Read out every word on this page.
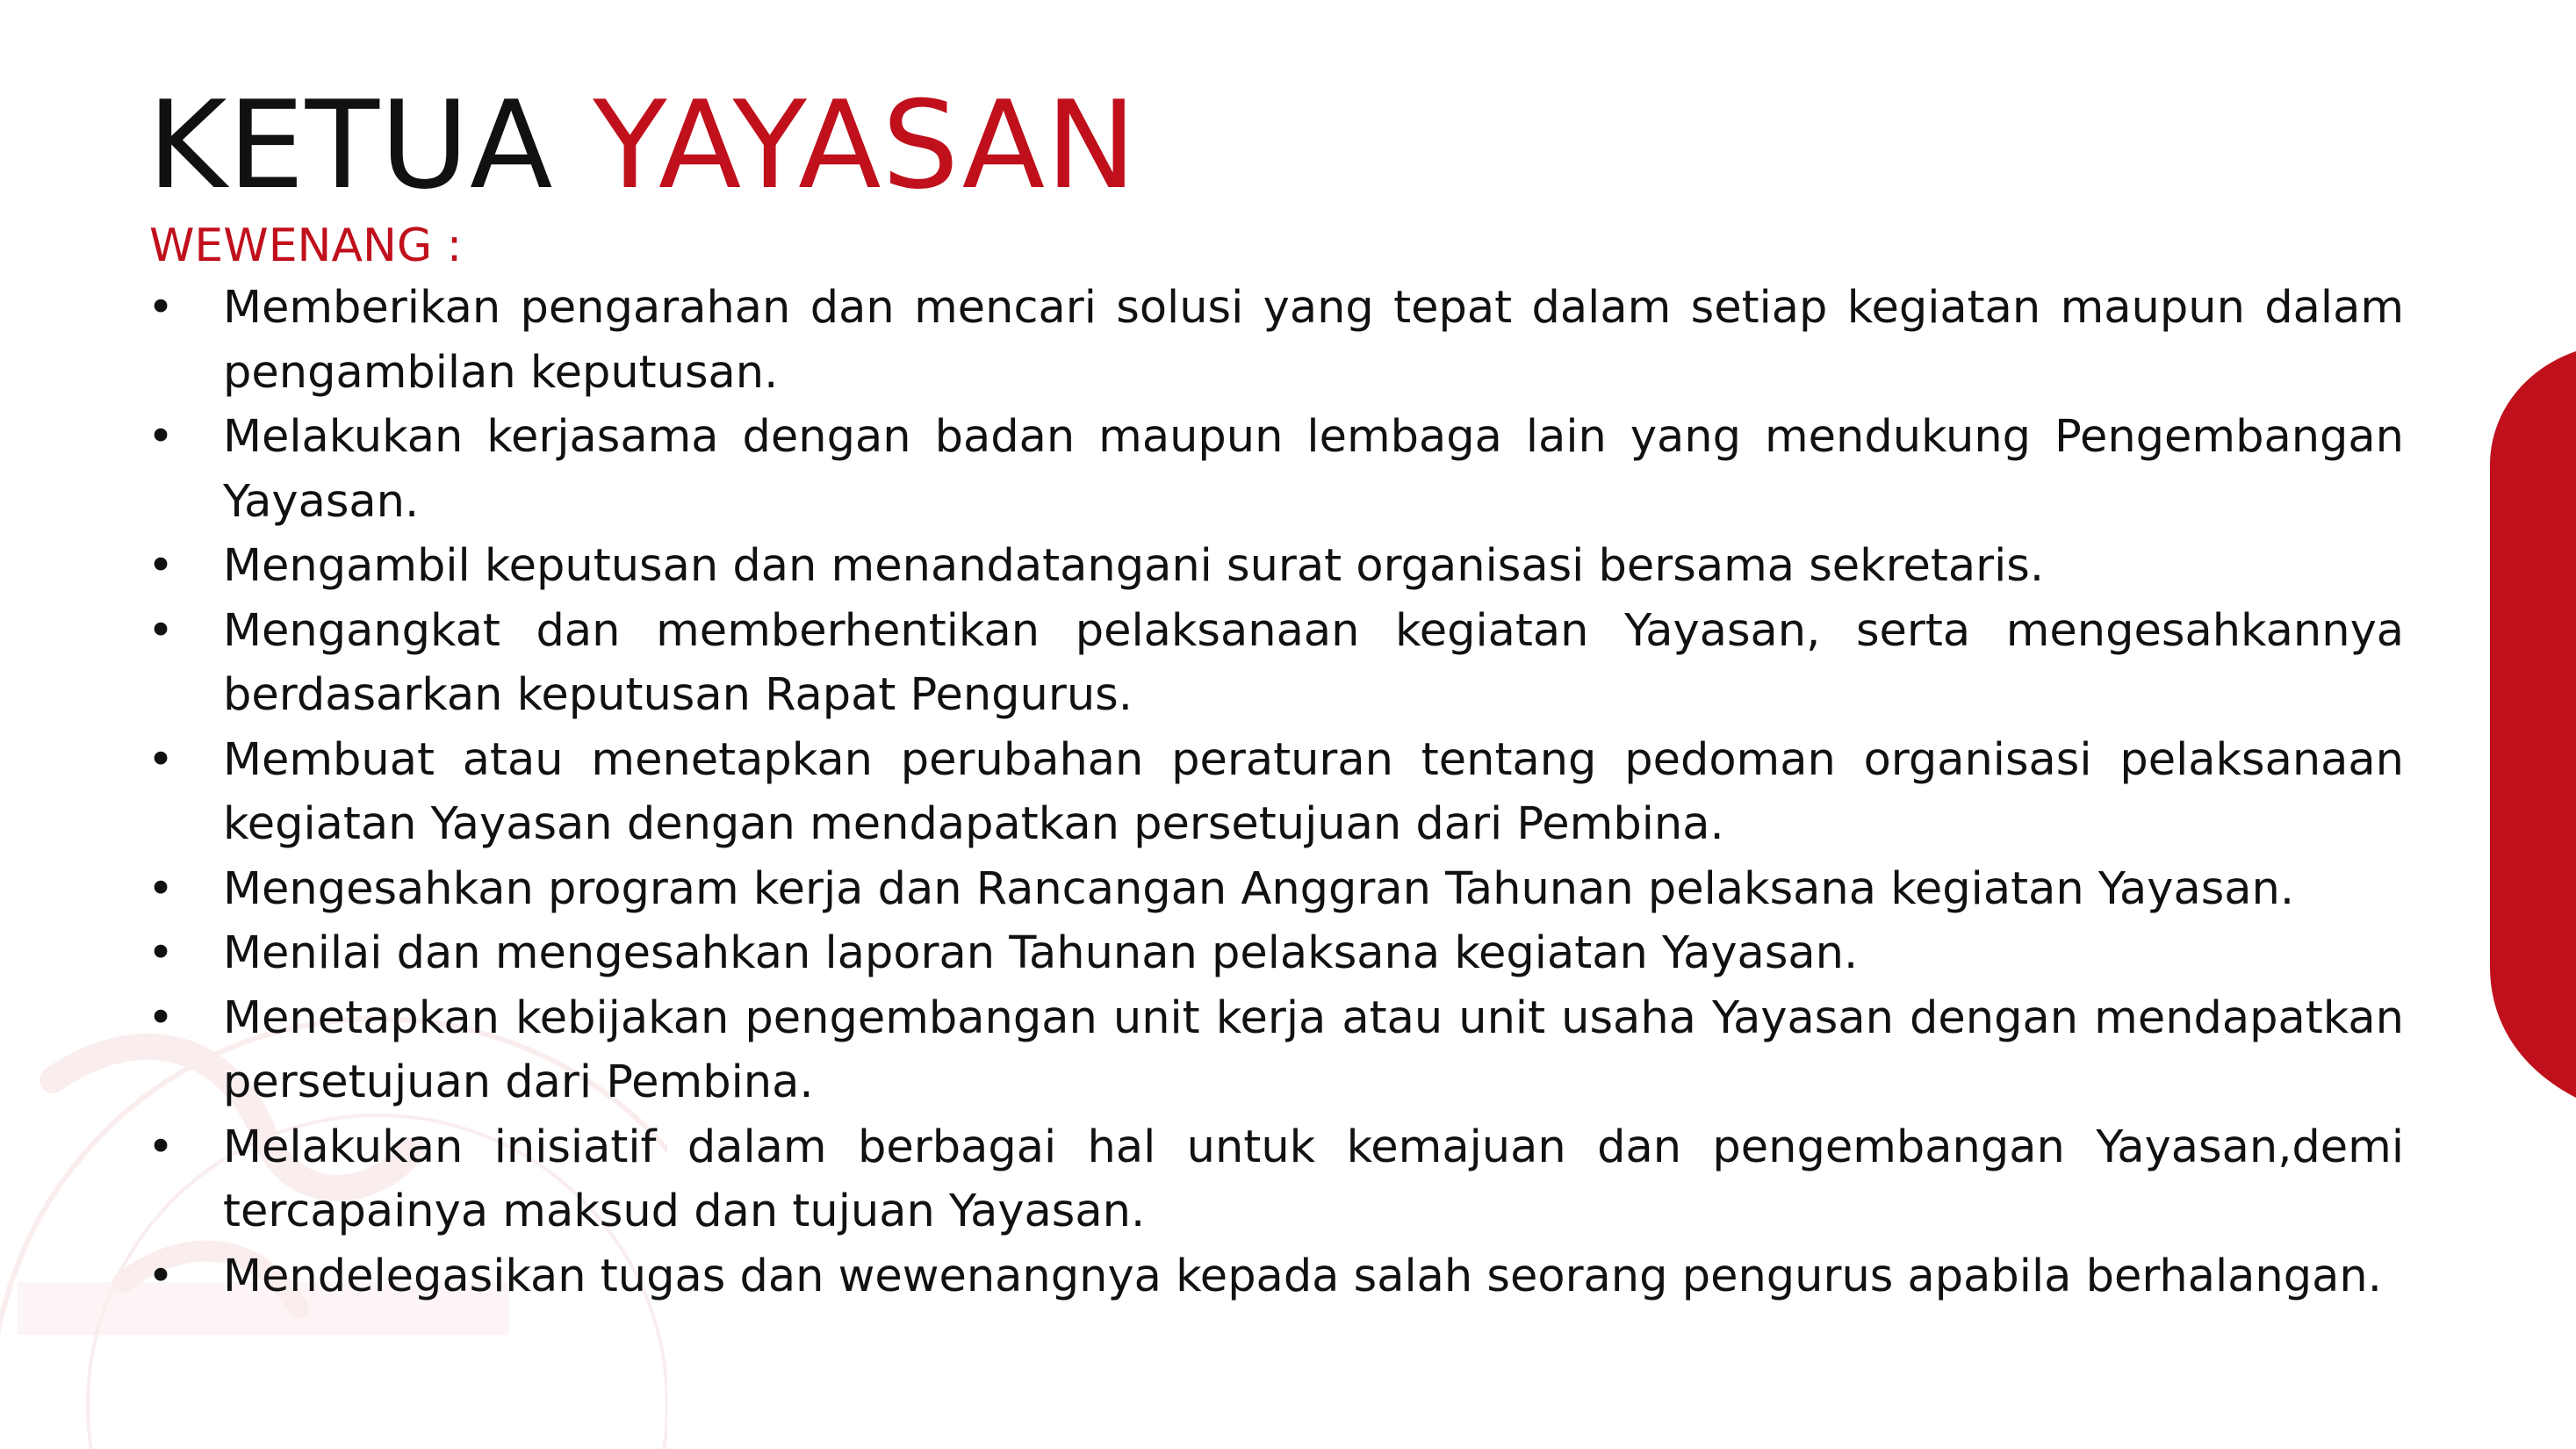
KETUA YAYASAN
WEWENANG :
• Memberikan pengarahan dan mencari solusi yang tepat dalam setiap kegiatan maupun dalam pengambilan keputusan.
• Melakukan kerjasama dengan badan maupun lembaga lain yang mendukung Pengembangan Yayasan.
• Mengambil keputusan dan menandatangani surat organisasi bersama sekretaris.
• Mengangkat dan memberhentikan pelaksanaan kegiatan Yayasan, serta mengesahkannya berdasarkan keputusan Rapat Pengurus.
• Membuat atau menetapkan perubahan peraturan tentang pedoman organisasi pelaksanaan kegiatan Yayasan dengan mendapatkan persetujuan dari Pembina.
• Mengesahkan program kerja dan Rancangan Anggran Tahunan pelaksana kegiatan Yayasan.
• Menilai dan mengesahkan laporan Tahunan pelaksana kegiatan Yayasan.
• Menetapkan kebijakan pengembangan unit kerja atau unit usaha Yayasan dengan mendapatkan persetujuan dari Pembina.
• Melakukan inisiatif dalam berbagai hal untuk kemajuan dan pengembangan Yayasan,demi tercapainya maksud dan tujuan Yayasan.
• Mendelegasikan tugas dan wewenangnya kepada salah seorang pengurus apabila berhalangan.
